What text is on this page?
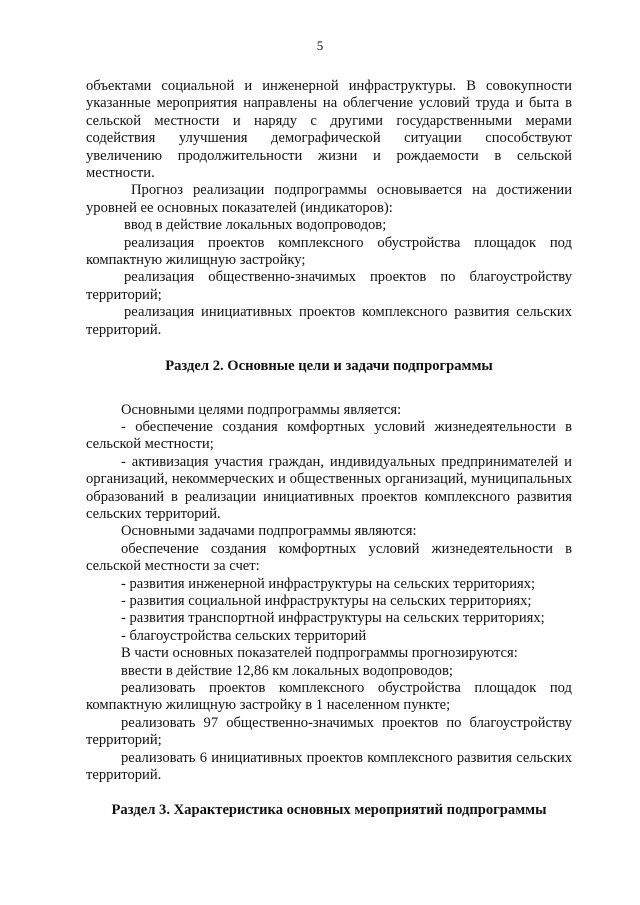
5

объектами социальной и инженерной инфраструктуры. В совокупности указанные мероприятия направлены на облегчение условий труда и быта в сельской местности и наряду с другими государственными мерами содействия улучшения демографической ситуации способствуют увеличению продолжительности жизни и рождаемости в сельской местности.

Прогноз реализации подпрограммы основывается на достижении уровней ее основных показателей (индикаторов):

ввод в действие локальных водопроводов;

реализация проектов комплексного обустройства площадок под компактную жилищную застройку;

реализация общественно-значимых проектов по благоустройству территорий;

реализация инициативных проектов комплексного развития сельских территорий.

Раздел 2. Основные цели и задачи подпрограммы

Основными целями подпрограммы является:

- обеспечение создания комфортных условий жизнедеятельности в сельской местности;

- активизация участия граждан, индивидуальных предпринимателей и организаций, некоммерческих и общественных организаций, муниципальных образований в реализации инициативных проектов комплексного развития сельских территорий.

Основными задачами подпрограммы являются:

обеспечение создания комфортных условий жизнедеятельности в сельской местности за счет:

- развития инженерной инфраструктуры на сельских территориях;

- развития социальной инфраструктуры на сельских территориях;

- развития транспортной инфраструктуры на сельских территориях;

- благоустройства сельских территорий

В части основных показателей подпрограммы прогнозируются:

ввести в действие 12,86 км локальных водопроводов;

реализовать проектов комплексного обустройства площадок под компактную жилищную застройку в 1 населенном пункте;

реализовать 97 общественно-значимых проектов по благоустройству территорий;

реализовать 6 инициативных проектов комплексного развития сельских территорий.

Раздел 3. Характеристика основных мероприятий подпрограммы
